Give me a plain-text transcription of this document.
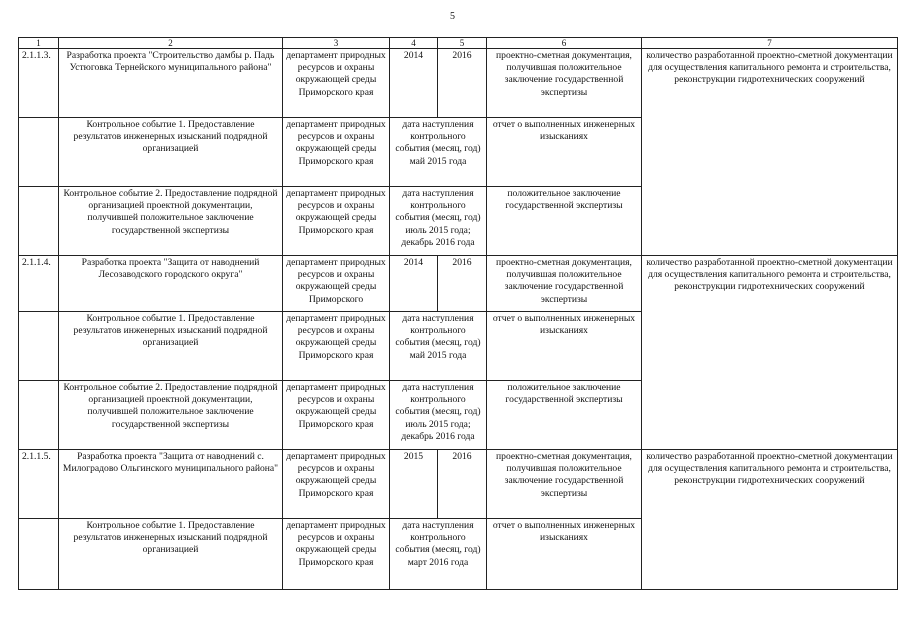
5
1	2	3	4	5	6	7
2.1.1.3.	Разработка проекта "Строительство дамбы р. Падь Устюговка Тернейского муниципального района"	департамент природных ресурсов и охраны окружающей среды Приморского края	2014	2016	проектно-сметная документация, получившая положительное заключение государственной экспертизы	количество разработанной проектно-сметной документации для осуществления капитального ремонта и строительства, реконструкции гидротехнических сооружений
	Контрольное событие 1. Предоставление результатов инженерных изысканий подрядной организацией	департамент природных ресурсов и охраны окружающей среды Приморского края	дата наступления контрольного события (месяц, год) май 2015 года		отчет о выполненных инженерных изысканиях	
	Контрольное событие 2. Предоставление подрядной организацией проектной документации, получившей положительное заключение государственной экспертизы	департамент природных ресурсов и охраны окружающей среды Приморского края	дата наступления контрольного события (месяц, год) июль 2015 года; декабрь 2016 года		положительное заключение государственной экспертизы	
2.1.1.4.	Разработка проекта "Защита от наводнений Лесозаводского городского округа"	департамент природных ресурсов и охраны окружающей среды Приморского	2014	2016	проектно-сметная документация, получившая положительное заключение государственной экспертизы	количество разработанной проектно-сметной документации для осуществления капитального ремонта и строительства, реконструкции гидротехнических сооружений
	Контрольное событие 1. Предоставление результатов инженерных изысканий подрядной организацией	департамент природных ресурсов и охраны окружающей среды Приморского края	дата наступления контрольного события (месяц, год) май 2015 года		отчет о выполненных инженерных изысканиях	
	Контрольное событие 2. Предоставление подрядной организацией проектной документации, получившей положительное заключение государственной экспертизы	департамент природных ресурсов и охраны окружающей среды Приморского края	дата наступления контрольного события (месяц, год) июль 2015 года; декабрь 2016 года		положительное заключение государственной экспертизы	
2.1.1.5.	Разработка проекта "Защита от наводнений с. Милоградово Ольгинского муниципального района"	департамент природных ресурсов и охраны окружающей среды Приморского края	2015	2016	проектно-сметная документация, получившая положительное заключение государственной экспертизы	количество разработанной проектно-сметной документации для осуществления капитального ремонта и строительства, реконструкции гидротехнических сооружений
	Контрольное событие 1. Предоставление результатов инженерных изысканий подрядной организацией	департамент природных ресурсов и охраны окружающей среды Приморского края	дата наступления контрольного события (месяц, год) март 2016 года		отчет о выполненных инженерных изысканиях	
